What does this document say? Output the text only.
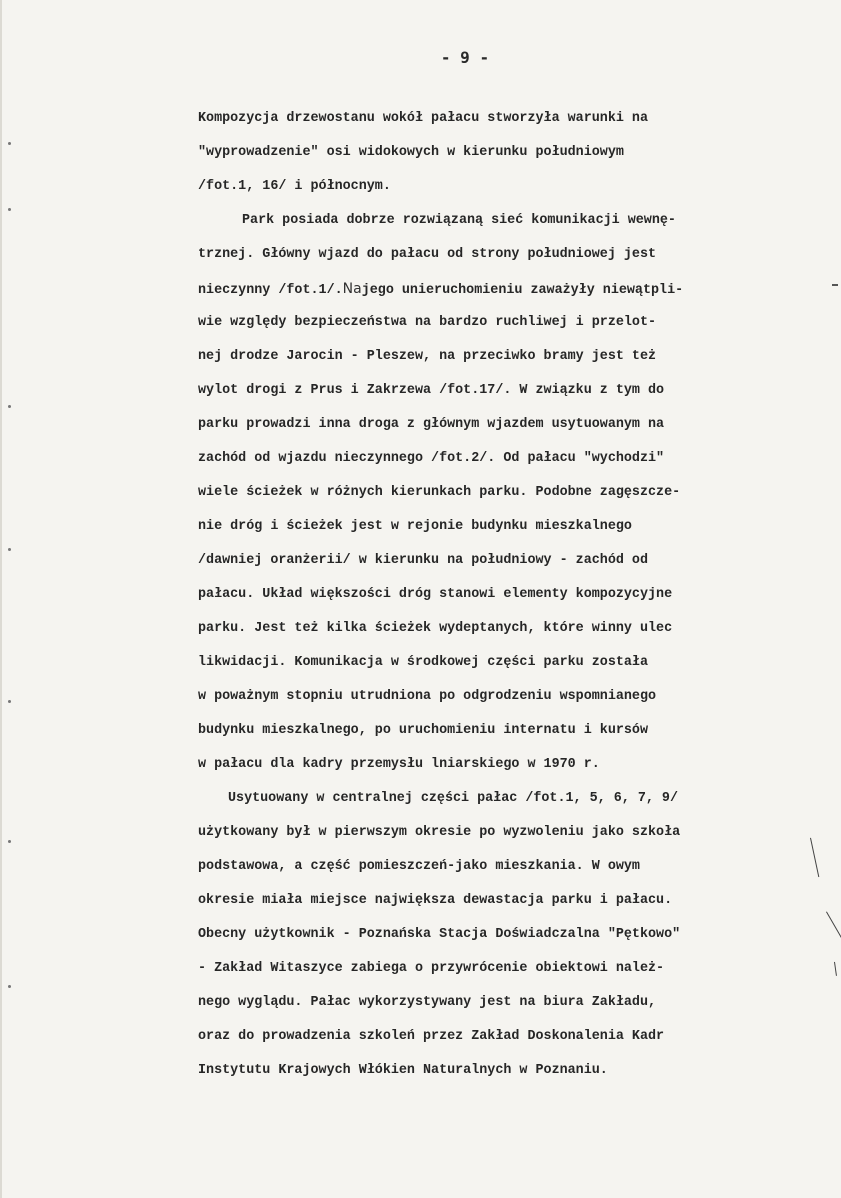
- 9 -
Kompozycja drzewostanu wokół pałacu stworzyła warunki na
"wyprowadzenie" osi widokowych w kierunku południowym
/fot.1, 16/ i północnym.
Park posiada dobrze rozwiązaną sieć komunikacji wewnę-
trznej. Główny wjazd do pałacu od strony południowej jest
nieczynny /fot.1/.Najego unieruchomieniu zaważyły niewątpli-
wie względy bezpieczeństwa na bardzo ruchliwej i przelot-
nej drodze Jarocin - Pleszew, na przeciwko bramy jest też
wylot drogi z Prus i Zakrzewa /fot.17/. W związku z tym do
parku prowadzi inna droga z głównym wjazdem usytuowanym na
zachód od wjazdu nieczynnego /fot.2/. Od pałacu "wychodzi"
wiele ścieżek w różnych kierunkach parku. Podobne zagęszcze-
nie dróg i ścieżek jest w rejonie budynku mieszkalnego
/dawniej oranżerii/ w kierunku na południowy - zachód od
pałacu. Układ większości dróg stanowi elementy kompozycyjne
parku. Jest też kilka ścieżek wydeptanych, które winny ulec
likwidacji. Komunikacja w środkowej części parku została
w poważnym stopniu utrudniona po odgrodzeniu wspomnianego
budynku mieszkalnego, po uruchomieniu internatu i kursów
w pałacu dla kadry przemysłu lniarskiego w 1970 r.
Usytuowany w centralnej części pałac /fot.1, 5, 6, 7, 9/
użytkowany był w pierwszym okresie po wyzwoleniu jako szkoła
podstawowa, a część pomieszczeń-jako mieszkania. W owym
okresie miała miejsce największa dewastacja parku i pałacu.
Obecny użytkownik - Poznańska Stacja Doświadczalna "Pętkowo"
- Zakład Witaszyce zabiega o przywrócenie obiektowi należ-
nego wyglądu. Pałac wykorzystywany jest na biura Zakładu,
oraz do prowadzenia szkoleń przez Zakład Doskonalenia Kadr
Instytutu Krajowych Włókien Naturalnych w Poznaniu.
